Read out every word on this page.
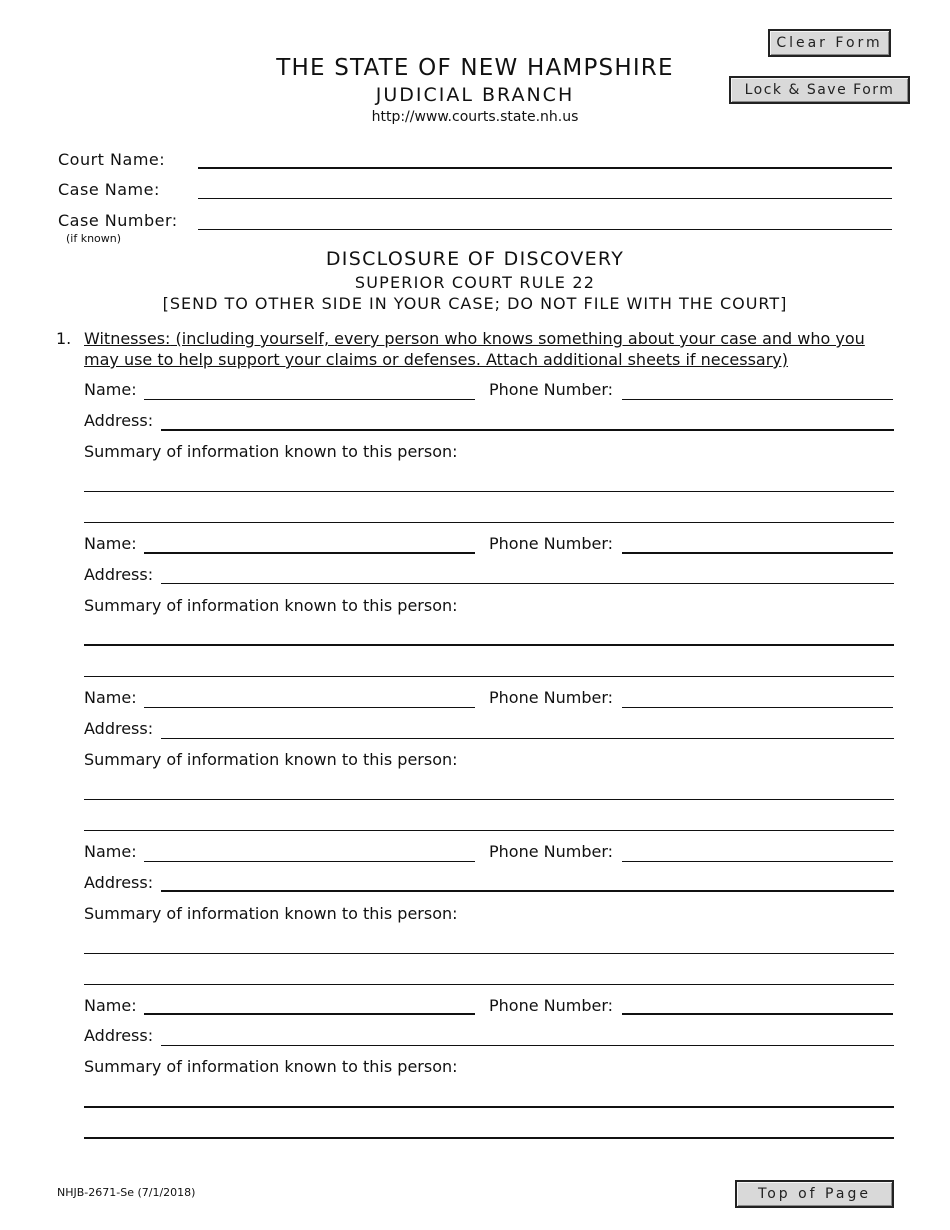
Clear Form
Lock & Save Form
THE STATE OF NEW HAMPSHIRE
JUDICIAL BRANCH
http://www.courts.state.nh.us
Court Name:
Case Name:
Case Number:
(if known)
DISCLOSURE OF DISCOVERY
SUPERIOR COURT RULE 22
[SEND TO OTHER SIDE IN YOUR CASE; DO NOT FILE WITH THE COURT]
1. Witnesses: (including yourself, every person who knows something about your case and who you
may use to help support your claims or defenses. Attach additional sheets if necessary)
Name:	Phone Number:
Address:
Summary of information known to this person:
Name:	Phone Number:
Address:
Summary of information known to this person:
Name:	Phone Number:
Address:
Summary of information known to this person:
Name:	Phone Number:
Address:
Summary of information known to this person:
Name:	Phone Number:
Address:
Summary of information known to this person:
NHJB-2671-Se (7/1/2018)	Top of Page
